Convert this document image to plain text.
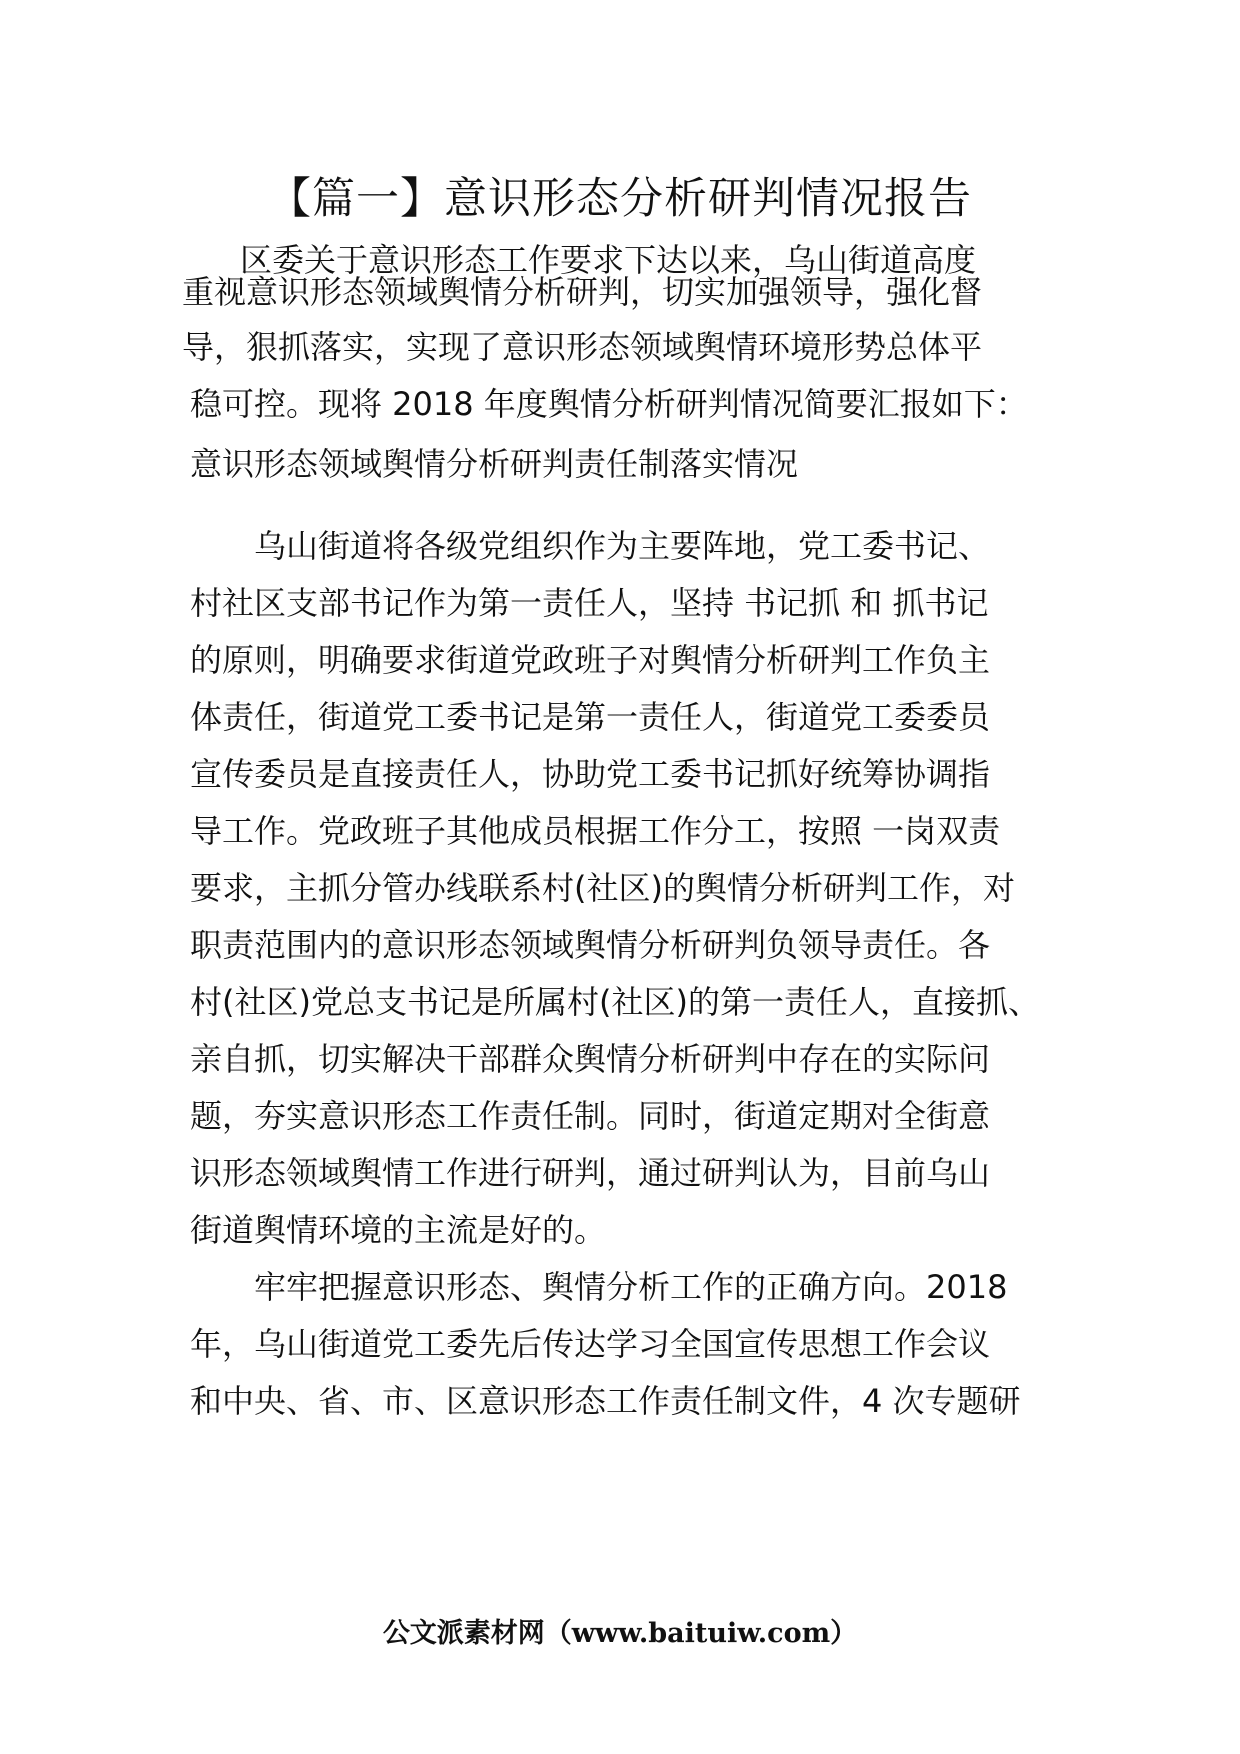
【篇一】意识形态分析研判情况报告

区委关于意识形态工作要求下达以来，乌山街道高度

重视意识形态领域舆情分析研判，切实加强领导，强化督

导，狠抓落实，实现了意识形态领域舆情环境形势总体平

稳可控。现将 2018 年度舆情分析研判情况简要汇报如下：

意识形态领域舆情分析研判责任制落实情况

乌山街道将各级党组织作为主要阵地，党工委书记、

村社区支部书记作为第一责任人，坚持 书记抓 和 抓书记

的原则，明确要求街道党政班子对舆情分析研判工作负主

体责任，街道党工委书记是第一责任人，街道党工委委员

宣传委员是直接责任人，协助党工委书记抓好统筹协调指

导工作。党政班子其他成员根据工作分工，按照 一岗双责

要求，主抓分管办线联系村(社区)的舆情分析研判工作，对

职责范围内的意识形态领域舆情分析研判负领导责任。各

村(社区)党总支书记是所属村(社区)的第一责任人，直接抓、

亲自抓，切实解决干部群众舆情分析研判中存在的实际问

题，夯实意识形态工作责任制。同时，街道定期对全街意

识形态领域舆情工作进行研判，通过研判认为，目前乌山

街道舆情环境的主流是好的。

牢牢把握意识形态、舆情分析工作的正确方向。2018

年，乌山街道党工委先后传达学习全国宣传思想工作会议

和中央、省、市、区意识形态工作责任制文件，4 次专题研

公文派素材网（www.baituiw.com）
